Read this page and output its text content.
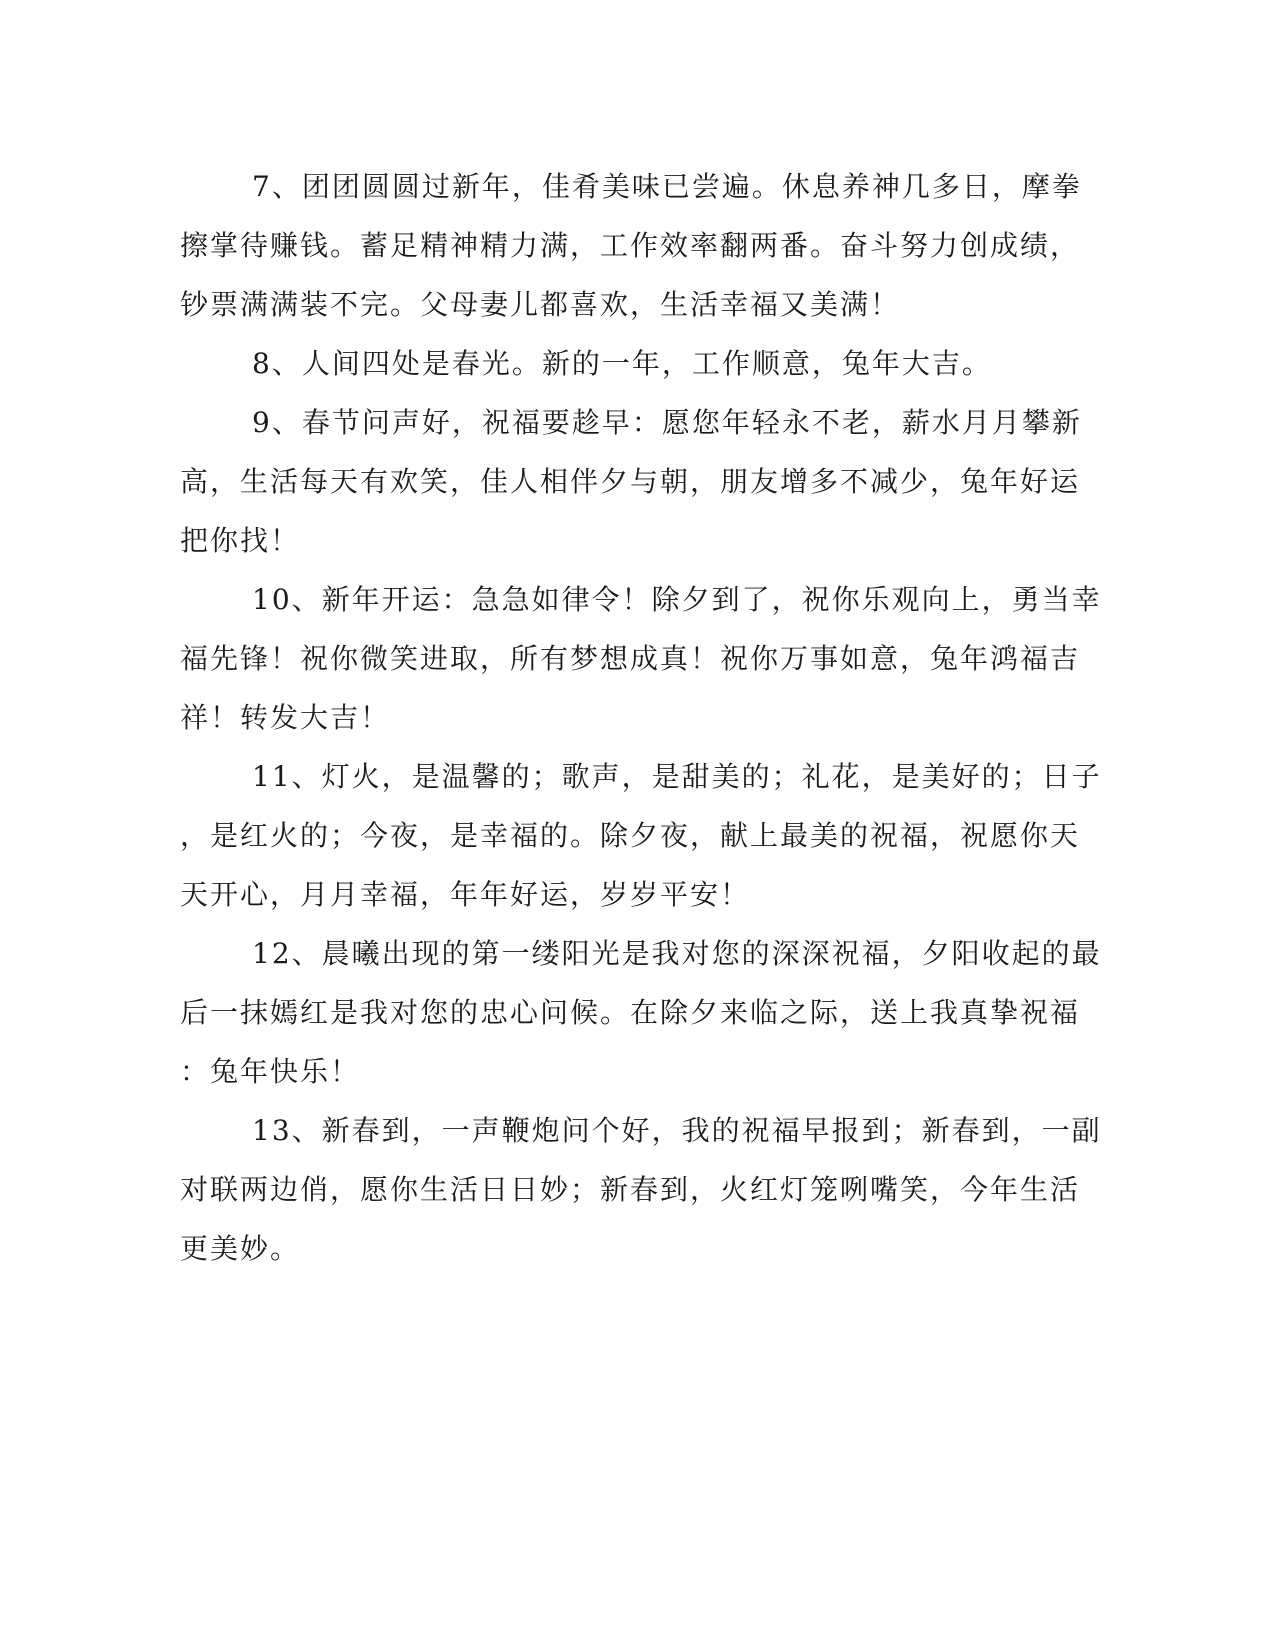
7、团团圆圆过新年，佳肴美味已尝遍。休息养神几多日，摩拳
擦掌待赚钱。蓄足精神精力满，工作效率翻两番。奋斗努力创成绩，
钞票满满装不完。父母妻儿都喜欢，生活幸福又美满！
8、人间四处是春光。新的一年，工作顺意，兔年大吉。
9、春节问声好，祝福要趁早：愿您年轻永不老，薪水月月攀新
高，生活每天有欢笑，佳人相伴夕与朝，朋友增多不减少，兔年好运
把你找！
10、新年开运：急急如律令！除夕到了，祝你乐观向上，勇当幸
福先锋！祝你微笑进取，所有梦想成真！祝你万事如意，兔年鸿福吉
祥！转发大吉！
11、灯火，是温馨的；歌声，是甜美的；礼花，是美好的；日子
，是红火的；今夜，是幸福的。除夕夜，献上最美的祝福，祝愿你天
天开心，月月幸福，年年好运，岁岁平安！
12、晨曦出现的第一缕阳光是我对您的深深祝福，夕阳收起的最
后一抹嫣红是我对您的忠心问候。在除夕来临之际，送上我真挚祝福
：兔年快乐！
13、新春到，一声鞭炮问个好，我的祝福早报到；新春到，一副
对联两边俏，愿你生活日日妙；新春到，火红灯笼咧嘴笑，今年生活
更美妙。
